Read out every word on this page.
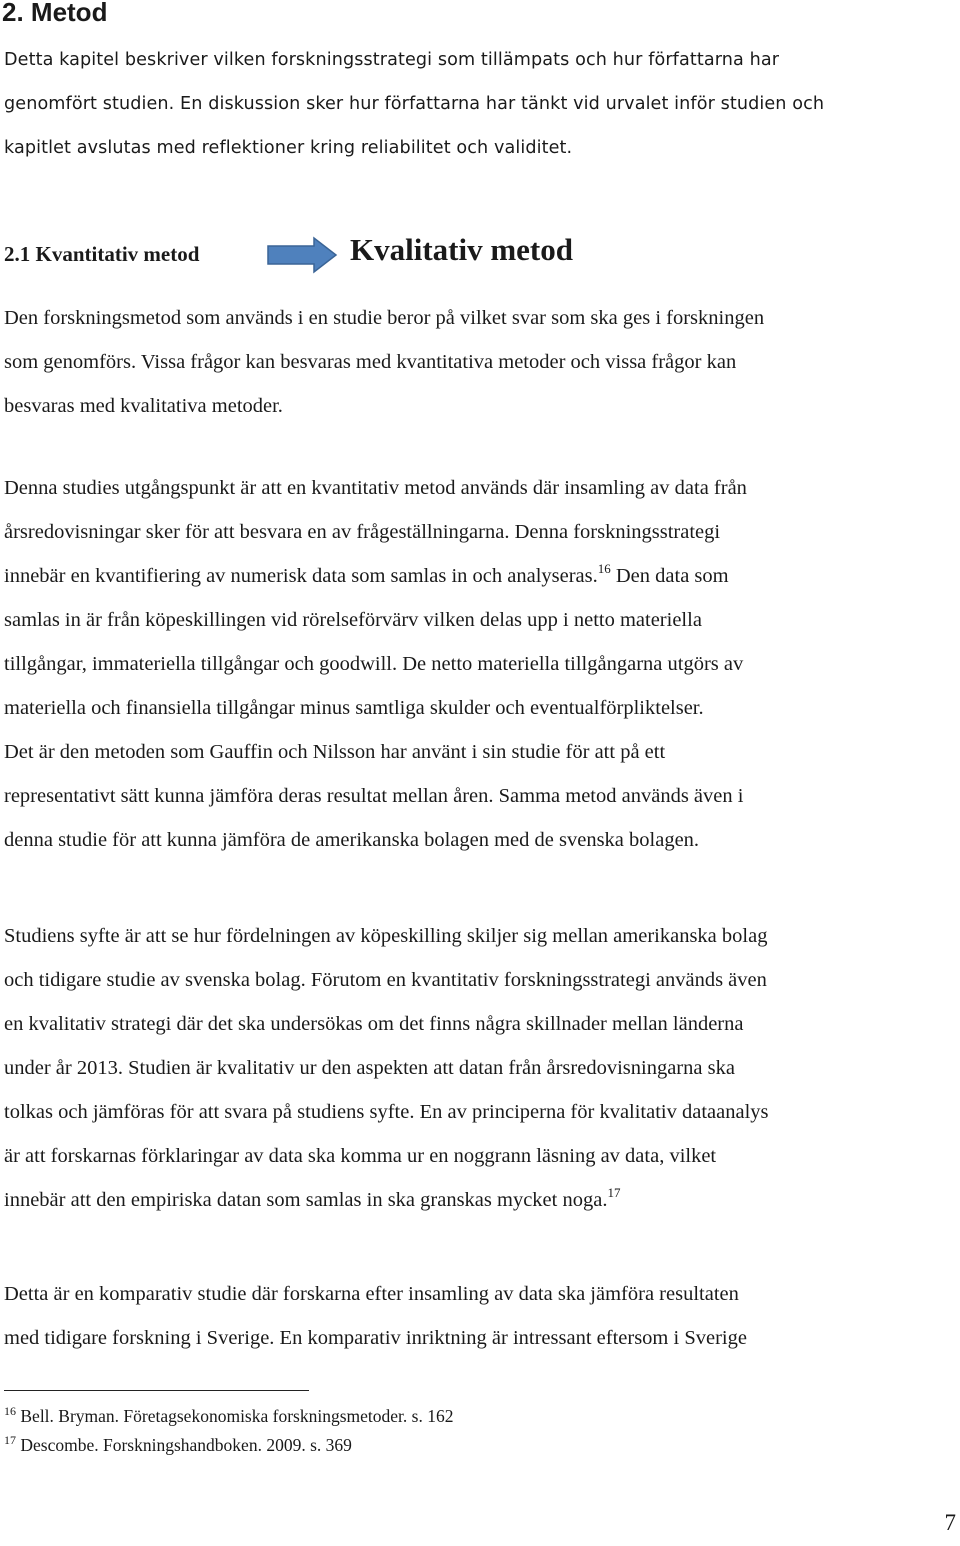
2. Metod

Detta kapitel beskriver vilken forskningsstrategi som tillämpats och hur författarna har
genomfört studien. En diskussion sker hur författarna har tänkt vid urvalet inför studien och
kapitlet avslutas med reflektioner kring reliabilitet och validitet.

2.1 Kvantitativ metod	Kvalitativ metod

Den forskningsmetod som används i en studie beror på vilket svar som ska ges i forskningen
som genomförs. Vissa frågor kan besvaras med kvantitativa metoder och vissa frågor kan
besvaras med kvalitativa metoder.

Denna studies utgångspunkt är att en kvantitativ metod används där insamling av data från
årsredovisningar sker för att besvara en av frågeställningarna. Denna forskningsstrategi
innebär en kvantifiering av numerisk data som samlas in och analyseras.$^{16}$ Den data som
samlas in är från köpeskillingen vid rörelseförvärv vilken delas upp i netto materiella
tillgångar, immateriella tillgångar och goodwill. De netto materiella tillgångarna utgörs av
materiella och finansiella tillgångar minus samtliga skulder och eventualförpliktelser.
Det är den metoden som Gauffin och Nilsson har använt i sin studie för att på ett
representativt sätt kunna jämföra deras resultat mellan åren. Samma metod används även i
denna studie för att kunna jämföra de amerikanska bolagen med de svenska bolagen.

Studiens syfte är att se hur fördelningen av köpeskilling skiljer sig mellan amerikanska bolag
och tidigare studie av svenska bolag. Förutom en kvantitativ forskningsstrategi används även
en kvalitativ strategi där det ska undersökas om det finns några skillnader mellan länderna
under år 2013. Studien är kvalitativ ur den aspekten att datan från årsredovisningarna ska
tolkas och jämföras för att svara på studiens syfte. En av principerna för kvalitativ dataanalys
är att forskarnas förklaringar av data ska komma ur en noggrann läsning av data, vilket
innebär att den empiriska datan som samlas in ska granskas mycket noga.$^{17}$

Detta är en komparativ studie där forskarna efter insamling av data ska jämföra resultaten
med tidigare forskning i Sverige. En komparativ inriktning är intressant eftersom i Sverige

$^{16}$ Bell. Bryman. Företagsekonomiska forskningsmetoder. s. 162

$^{17}$ Descombe. Forskningshandboken. 2009. s. 369

7
